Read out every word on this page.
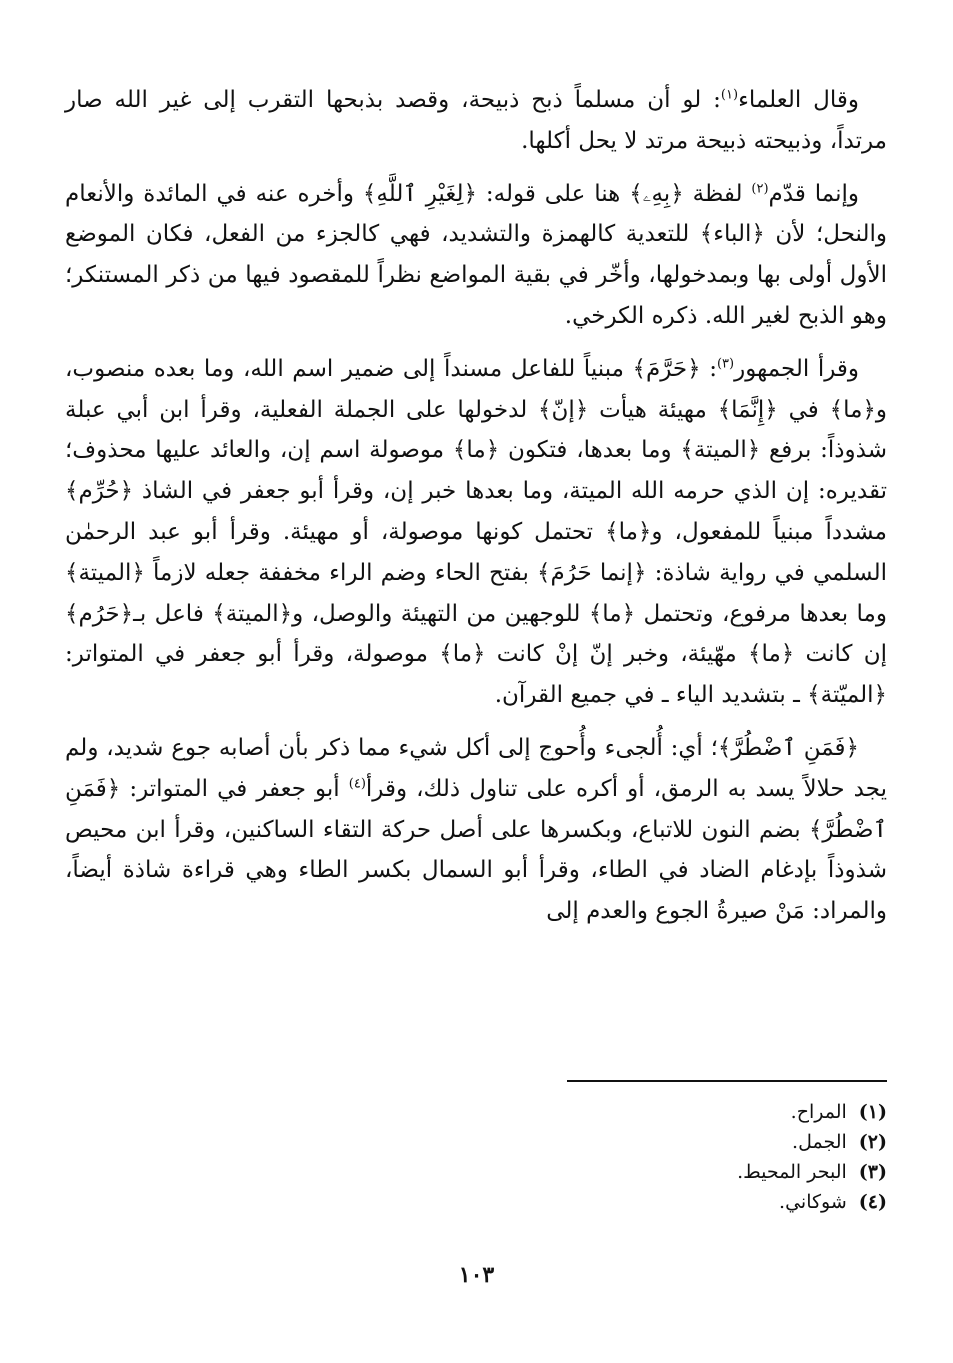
وقال العلماء$^{(١)}$: لو أن مسلماً ذبح ذبيحة، وقصد بذبحها التقرب إلى غير الله صار مرتداً، وذبيحته ذبيحة مرتد لا يحل أكلها.

وإنما قدّم$^{(٢)}$ لفظة ﴿بِهِۦ﴾ هنا على قوله: ﴿لِغَيْرِ ٱللَّهِ﴾ وأخره عنه في المائدة والأنعام والنحل؛ لأن ﴿الباء﴾ للتعدية كالهمزة والتشديد، فهي كالجزء من الفعل، فكان الموضع الأول أولى بها وبمدخولها، وأخّر في بقية المواضع نظراً للمقصود فيها من ذكر المستنكر؛ وهو الذبح لغير الله. ذكره الكرخي.

وقرأ الجمهور$^{(٣)}$: ﴿حَرَّمَ﴾ مبنياً للفاعل مسنداً إلى ضمير اسم الله، وما بعده منصوب، و﴿ما﴾ في ﴿إِنَّمَا﴾ مهيئة هيأت ﴿إنّ﴾ لدخولها على الجملة الفعلية، وقرأ ابن أبي عبلة شذوذاً: برفع ﴿الميتة﴾ وما بعدها، فتكون ﴿ما﴾ موصولة اسم إن، والعائد عليها محذوف؛ تقديره: إن الذي حرمه الله الميتة، وما بعدها خبر إن، وقرأ أبو جعفر في الشاذ ﴿حُرِّم﴾ مشدداً مبنياً للمفعول، و﴿ما﴾ تحتمل كونها موصولة، أو مهيئة. وقرأ أبو عبد الرحمٰن السلمي في رواية شاذة: ﴿إنما حَرُمَ﴾ بفتح الحاء وضم الراء مخففة جعله لازماً ﴿الميتة﴾ وما بعدها مرفوع، وتحتمل ﴿ما﴾ للوجهين من التهيئة والوصل، و﴿الميتة﴾ فاعل بـ﴿حَرُم﴾ إن كانت ﴿ما﴾ مهّيئة، وخبر إنّ إنْ كانت ﴿ما﴾ موصولة، وقرأ أبو جعفر في المتواتر: ﴿الميّتة﴾ ـ بتشديد الياء ـ في جميع القرآن.

﴿فَمَنِ ٱضْطُرَّ﴾؛ أي: أُلجىء وأُحوج إلى أكل شيء مما ذكر بأن أصابه جوع شديد، ولم يجد حلالاً يسد به الرمق، أو أكره على تناول ذلك، وقرأ$^{(٤)}$ أبو جعفر في المتواتر: ﴿فَمَنِ ٱضْطُرَّ﴾ بضم النون للاتباع، وبكسرها على أصل حركة التقاء الساكنين، وقرأ ابن محيص شذوذاً بإدغام الضاد في الطاء، وقرأ أبو السمال بكسر الطاء وهي قراءة شاذة أيضاً، والمراد: مَنْ صيرةُ الجوع والعدم إلى

(١)المراح.
(٢)الجمل.
(٣)البحر المحيط.
(٤)شوكاني.
١٠٣
